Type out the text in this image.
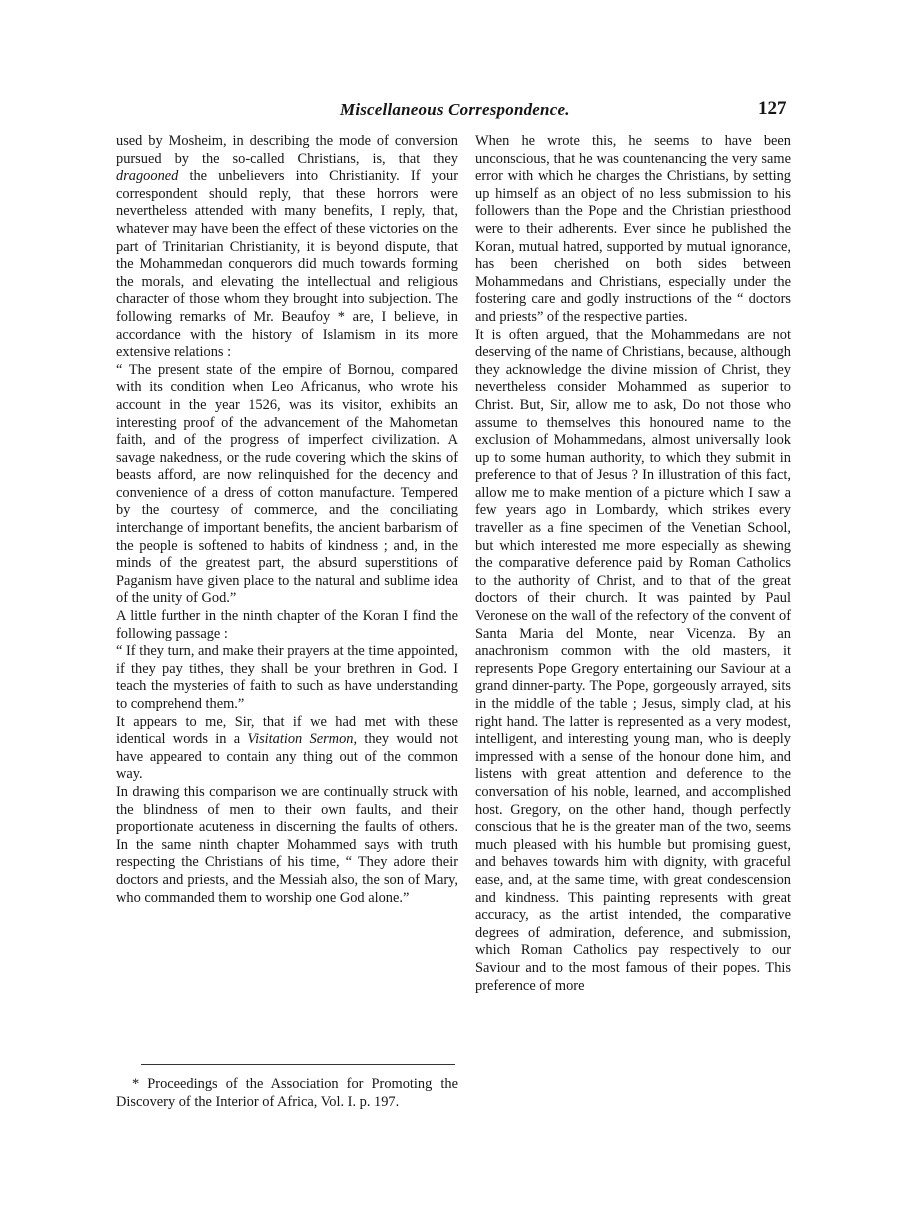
Miscellaneous Correspondence.	127

used by Mosheim, in describing the mode of conversion pursued by the so-called Christians, is, that they dragooned the unbelievers into Christianity. If your correspondent should reply, that these horrors were nevertheless attended with many benefits, I reply, that, whatever may have been the effect of these victories on the part of Trinitarian Christianity, it is beyond dispute, that the Mohammedan conquerors did much towards forming the morals, and elevating the intellectual and religious character of those whom they brought into subjection. The following remarks of Mr. Beaufoy * are, I believe, in accordance with the history of Islamism in its more extensive relations :

“ The present state of the empire of Bornou, compared with its condition when Leo Africanus, who wrote his account in the year 1526, was its visitor, exhibits an interesting proof of the advancement of the Mahometan faith, and of the progress of imperfect civilization. A savage nakedness, or the rude covering which the skins of beasts afford, are now relinquished for the decency and convenience of a dress of cotton manufacture. Tempered by the courtesy of commerce, and the conciliating interchange of important benefits, the ancient barbarism of the people is softened to habits of kindness ; and, in the minds of the greatest part, the absurd superstitions of Paganism have given place to the natural and sublime idea of the unity of God.”

A little further in the ninth chapter of the Koran I find the following passage :

“ If they turn, and make their prayers at the time appointed, if they pay tithes, they shall be your brethren in God. I teach the mysteries of faith to such as have understanding to comprehend them.”

It appears to me, Sir, that if we had met with these identical words in a Visitation Sermon, they would not have appeared to contain any thing out of the common way.

In drawing this comparison we are continually struck with the blindness of men to their own faults, and their proportionate acuteness in discerning the faults of others. In the same ninth chapter Mohammed says with truth respecting the Christians of his time, “ They adore their doctors and priests, and the Messiah also, the son of Mary, who commanded them to worship one God alone.”

When he wrote this, he seems to have been unconscious, that he was countenancing the very same error with which he charges the Christians, by setting up himself as an object of no less submission to his followers than the Pope and the Christian priesthood were to their adherents. Ever since he published the Koran, mutual hatred, supported by mutual ignorance, has been cherished on both sides between Mohammedans and Christians, especially under the fostering care and godly instructions of the “ doctors and priests” of the respective parties.

It is often argued, that the Mohammedans are not deserving of the name of Christians, because, although they acknowledge the divine mission of Christ, they nevertheless consider Mohammed as superior to Christ. But, Sir, allow me to ask, Do not those who assume to themselves this honoured name to the exclusion of Mohammedans, almost universally look up to some human authority, to which they submit in preference to that of Jesus ? In illustration of this fact, allow me to make mention of a picture which I saw a few years ago in Lombardy, which strikes every traveller as a fine specimen of the Venetian School, but which interested me more especially as shewing the comparative deference paid by Roman Catholics to the authority of Christ, and to that of the great doctors of their church. It was painted by Paul Veronese on the wall of the refectory of the convent of Santa Maria del Monte, near Vicenza. By an anachronism common with the old masters, it represents Pope Gregory entertaining our Saviour at a grand dinner-party. The Pope, gorgeously arrayed, sits in the middle of the table ; Jesus, simply clad, at his right hand. The latter is represented as a very modest, intelligent, and interesting young man, who is deeply impressed with a sense of the honour done him, and listens with great attention and deference to the conversation of his noble, learned, and accomplished host. Gregory, on the other hand, though perfectly conscious that he is the greater man of the two, seems much pleased with his humble but promising guest, and behaves towards him with dignity, with graceful ease, and, at the same time, with great condescension and kindness. This painting represents with great accuracy, as the artist intended, the comparative degrees of admiration, deference, and submission, which Roman Catholics pay respectively to our Saviour and to the most famous of their popes. This preference of more

* Proceedings of the Association for Promoting the Discovery of the Interior of Africa, Vol. I. p. 197.
